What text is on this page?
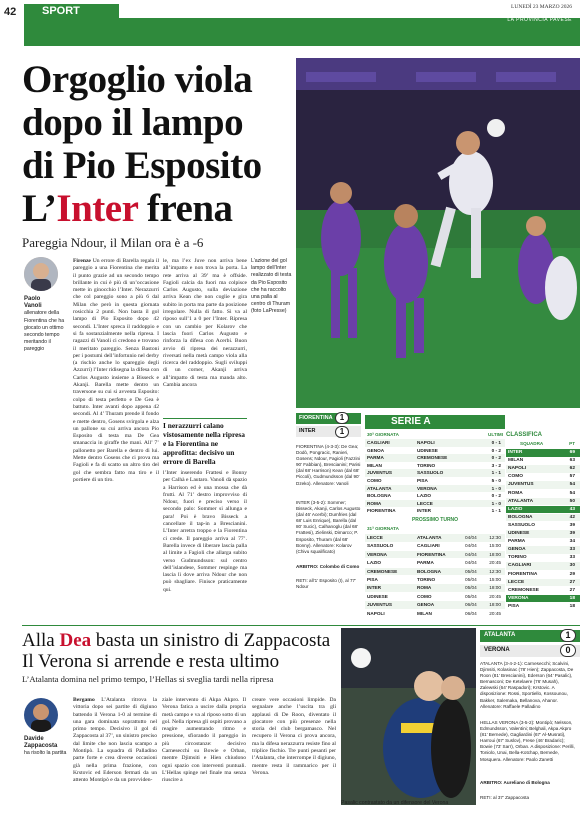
42 SPORT	LUNEDÌ 23 MARZO 2026
LA PROVINCIA PAVESE
Orgoglio viola
dopo il lampo
di Pio Esposito
L’Inter frena
Pareggia Ndour, il Milan ora è a -6
Paolo
Vanoli
allenatore della Fiorentina che ha giocato un ottimo secondo tempo meritando il pareggio
Firenze Un errore di Barella regala il pareggio a una Fiorentina che merita il punto grazie ad un secondo tempo brillante in cui è più di un’occasione mette in ginocchio l’Inter. Nerazzurri che col pareggio sono a più 6 dal Milan che però in questa giornata rosicchia 2 punti. Non basta il gol lampo di Pio Esposito dopo 42 secondi. L’Inter spreca il raddoppio e si fa sostanzialmente nella ripresa. I ragazzi di Vanoli ci credono e trovano il meritato pareggio. Senza Bastoni per i postumi dell’infortunio nel derby (a rischio anche lo spareggio degli Azzurri) l’Inter ridisegna la difesa con Carlos Augusto insieme a Bisseck e Akanji. Barella mette dentro un traversone su cui si avventa Esposito: colpo di testa perfetto e De Gea è battuto. Inter avanti dopo appena 42 secondi. Al 4’ Thuram prende il fondo e mette dentro, Gosens svirgola e alza un pallone su cui arriva ancora Pio Esposito di testa ma De Gea smanaccia in giraffe the mani. All’ 7’ pallonetto per Barella e dentro di lui. Mette dentro Gosens che ci prova ma Fagioli e fa di scatto un altro tiro del gol che sembra fatto ma tiro e il portiere di un tiro.
le, ma l’ex Juve non arriva bene all’impatto e non trova la porta. La rete arriva al 39’ ma è offside. Fagioli calcia da fuori ma colpisce Carlos Augusto, sulla deviazione arriva Kean che non coglie e gira subito in porta ma parte da posizione irregolare. Nulla di fatto. Si va al riposo sull’1 a 0 per l’Inter. Ripresa con un cambio per Kolarov che lascia fuori Carlos Augusto e rinforza la difesa con Acerbi. Buon avvio di ripresa dei nerazzurri, riversati nella metà campo viola alla ricerca del raddoppio. Sugli sviluppi di un corner, Akanji arriva all’impatto di testa ma manda alto. Cambia ancora
L’azione del gol lampo dell’Inter realizzato di testa da Pio Esposito che ha raccolto una palla al centro di Thuram (foto LaPresse)
I nerazzurri calano vistosamente nella ripresa e la Fiorentina ne approfitta: decisivo un errore di Barella
l’Inter inserendo Frattesi e Bonny per Calhà e Lautaro. Vanoli dà spazio a Harrison ed è una mossa che dà frutti. Al 71’ destro improvviso di Ndour, fuori e preciso verso il secondo palo: Sommer si allunga e para! Poi è bravo Bisseck a cancellare il tap-in a Brescianini. L’Inter arretra troppo e la Fiorentina ci crede. Il pareggio arriva al 77’. Barella invece di liberare lascia palla al limite a Fagioli che allarga subito verso Gudmundsson: sul centro dell’islandese, Sommer respinge ma lascia lì dove arriva Ndour che non può sbagliare. Finisce praticamente qui.
FIORENTINA
INTER
1
1
FIORENTINA (4-3-3): De Gea; Dodò, Pongracic, Ranieri, Gosens; Ndour, Fagioli (Fazzini 90’ Fabbian), Brescianini; Parisi (dal 68’ Harrison) Kean (dal 68’ Piccoli), Gudmundsson (dal 90’ Dzeko). Allenatore: Vanoli
INTER (3-5-2): Sommer; Bisseck, Akanji, Carlos Augusto (dal 46’ Acerbi); Dumfries (dal 68’ Luis Enrique), Barella (dal 80’ Sucic), Calhanoglu (dal 68’ Frattesi), Zielinski, Dimarco; P. Esposito, Thuram (dal 68’ Bonny). Allenatore: Kolarov (Chivu squalificato)
ARBITRO: Colombo di Como
RETI: all’1’ Esposito (I), al 77’ Ndour
SERIE A
30ª GIORNATA	ULTIMI
CAGLIARI	NAPOLI	0 - 1
GENOA	UDINESE	0 - 2
PARMA	CREMONESE	0 - 2
MILAN	TORINO	3 - 2
JUVENTUS	SASSUOLO	1 - 1
COMO	PISA	5 - 0
ATALANTA	VERONA	1 - 0
BOLOGNA	LAZIO	0 - 2
ROMA	LECCE	1 - 0
FIORENTINA	INTER	1 - 1
PROSSIMO TURNO
31ª GIORNATA
LECCE	ATALANTA	04/04	12:30
SASSUOLO	CAGLIARI	04/04	15:00
VERONA	FIORENTINA	04/04	18:00
LAZIO	PARMA	04/04	20:45
CREMONESE	BOLOGNA	05/04	12:30
PISA	TORINO	05/04	15:00
INTER	ROMA	05/04	18:00
UDINESE	COMO	05/04	20:45
JUVENTUS	GENOA	06/04	18:00
NAPOLI	MILAN	06/04	20:45
CLASSIFICA
SQUADRA	PT
INTER	69
MILAN	63
NAPOLI	62
COMO	57
JUVENTUS	54
ROMA	54
ATALANTA	50
LAZIO	43
BOLOGNA	42
SASSUOLO	39
UDINESE	39
PARMA	34
GENOA	33
TORINO	33
CAGLIARI	30
FIORENTINA	29
LECCE	27
CREMONESE	27
VERONA	18
PISA	18
Alla Dea basta un sinistro di Zappacosta
Il Verona si arrende e resta ultimo
L’Atalanta domina nel primo tempo, l’Hellas si sveglia tardi nella ripresa
Davide
Zappacosta
ha risolto la partita
Bergamo L’Atalanta ritrova la vittoria dopo sei partite di digiuno battendo il Verona 1-0 al termine di una gara dominata soprattutto nel primo tempo. Decisivo il gol di Zappacosta al 37’, un sinistro preciso dal limite che non lascia scampo a Montipò. La squadra di Palladino parte forte e crea diverse occasioni già nella prima frazione, con Krstovic ed Ederson fermati da un attento Montipò e da un provviden-
ziale intervento di Akpa Akpro. Il Verona fatica a uscire dalla propria metà campo e va al riposo sotto di un gol. Nella ripresa gli ospiti provano a reagire aumentando ritmo e pressione, sfiorando il pareggio in più circostanze: decisivo Carnesecchi su Bowie e Orban, mentre Djimsiti e Hien chiudono ogni spazio con interventi puntuali. L’Hellas spinge nel finale ma senza riuscire a
creare vere occasioni limpide. Da segnalare anche l’uscita tra gli applausi di De Roon, diventato il giocatore con più presenze nella storia del club bergamasco. Nel recupero il Verona ci prova ancora, ma la difesa nerazzurra resiste fino al triplice fischio. Tre punti pesanti per l’Atalanta, che interrompe il digiuno, mentre resta il rammarico per il Verona.
Pasalic contrastato da un difensore del Verona
ATALANTA
VERONA
1
0
ATALANTA (3-4-2-1): Carnesecchi; Scalvini, Djimsiti, Kolasinac (78’ Hien); Zappacosta, De Roon (81’ Brescianini), Ederson (64’ Pasalic), Bernasconi; De Ketelaere (76’ Musah), Zalewski (64’ Raspadori); Krstovic. A disposizione: Rossi, Sportiello, Kossounou, Bakker, Salemaka, Bellanova, Ahanor. Allenatore: Raffaele Palladino
HELLAS VERONA (3-5-2): Montipò; Nelsson, Edmundsson, Valentini; Belghali, Akpa Akpro (81’ Bernede), Gagliardini (67’ Al-Musrati), Harroui (67’ Suslov), Frese (46’ Bradaric); Bowie (73’ Sarr), Orban. A disposizione: Perilli, Toniolo, Unai, Bella-Kotchap, Bernede, Mosquera. Allenatore: Paolo Zanetti
ARBITRO: Aureliano di Bologna
RETI: al 37’ Zappacosta
